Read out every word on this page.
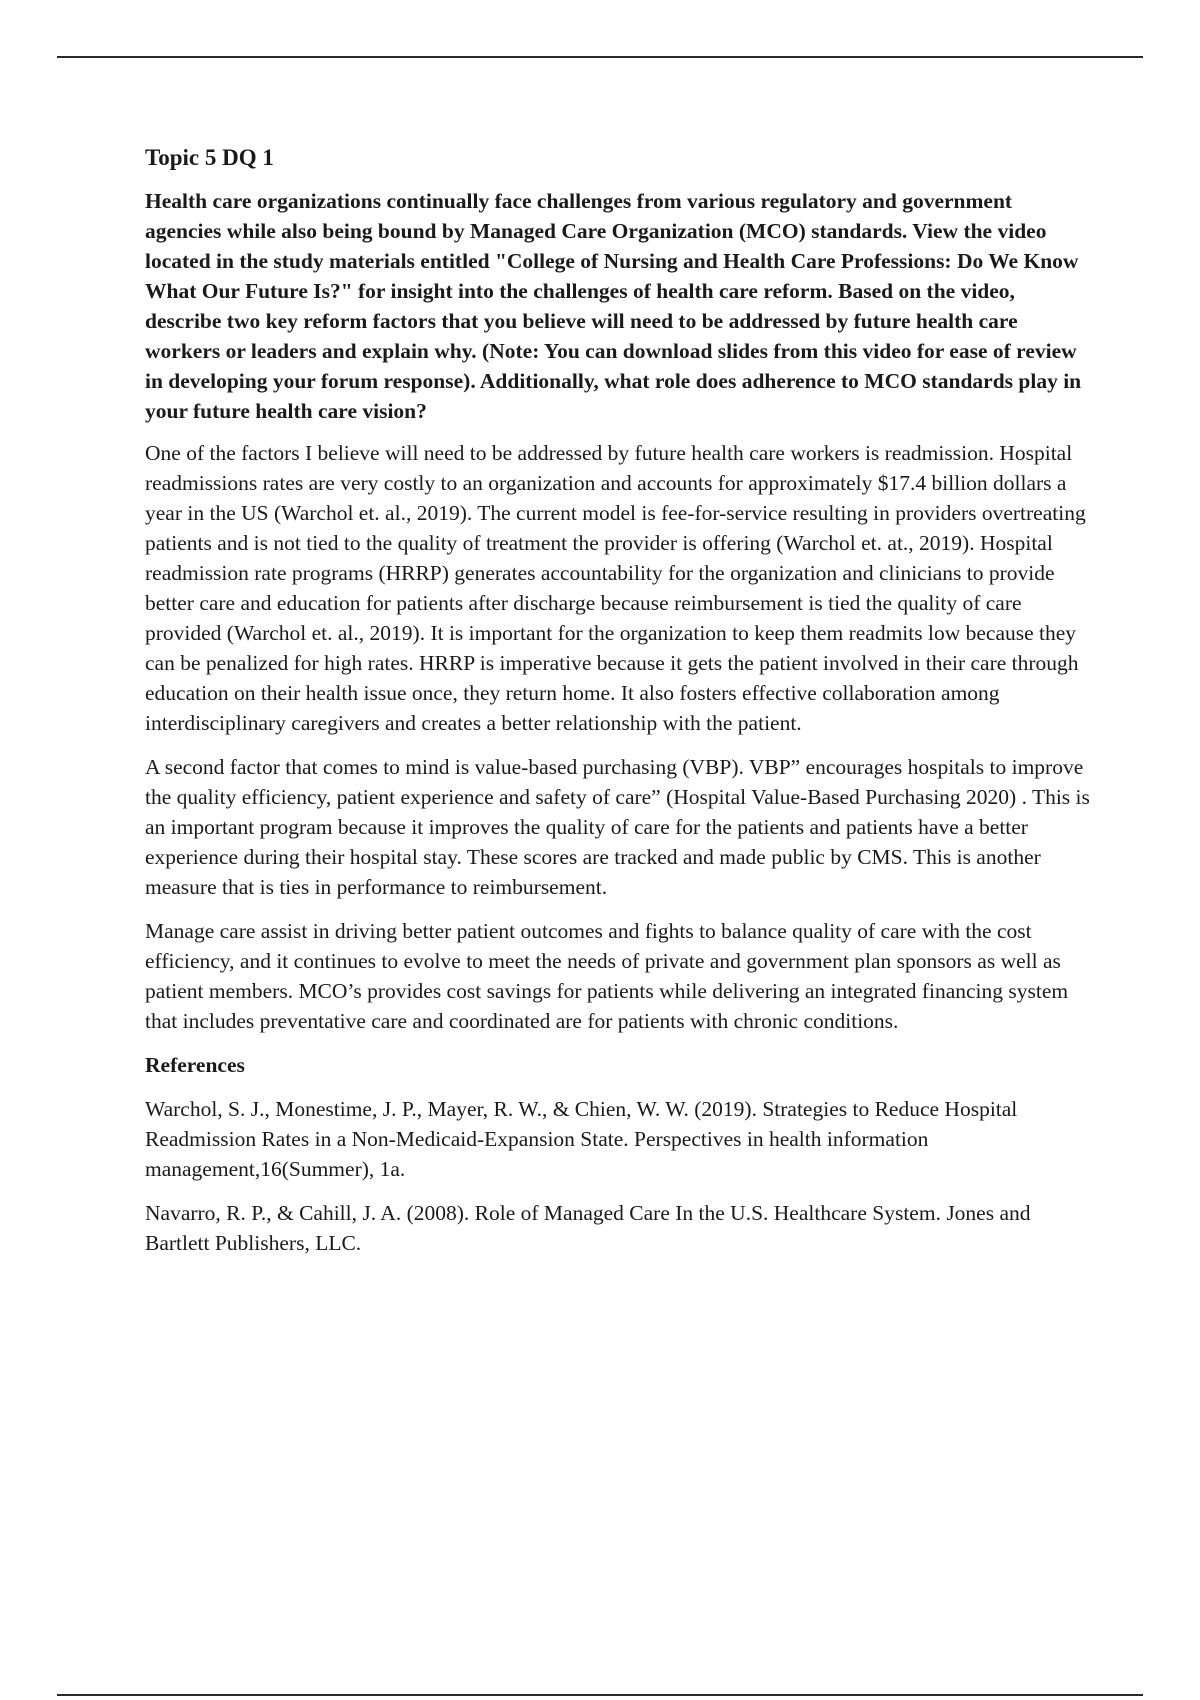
Topic 5 DQ 1
Health care organizations continually face challenges from various regulatory and government agencies while also being bound by Managed Care Organization (MCO) standards. View the video located in the study materials entitled "College of Nursing and Health Care Professions: Do We Know What Our Future Is?" for insight into the challenges of health care reform. Based on the video, describe two key reform factors that you believe will need to be addressed by future health care workers or leaders and explain why. (Note: You can download slides from this video for ease of review in developing your forum response). Additionally, what role does adherence to MCO standards play in your future health care vision?
One of the factors I believe will need to be addressed by future health care workers is readmission. Hospital readmissions rates are very costly to an organization and accounts for approximately $17.4 billion dollars a year in the US (Warchol et. al., 2019). The current model is fee-for-service resulting in providers overtreating patients and is not tied to the quality of treatment the provider is offering (Warchol et. at., 2019). Hospital readmission rate programs (HRRP) generates accountability for the organization and clinicians to provide better care and education for patients after discharge because reimbursement is tied the quality of care provided (Warchol et. al., 2019). It is important for the organization to keep them readmits low because they can be penalized for high rates. HRRP is imperative because it gets the patient involved in their care through education on their health issue once, they return home. It also fosters effective collaboration among interdisciplinary caregivers and creates a better relationship with the patient.
A second factor that comes to mind is value-based purchasing (VBP). VBP” encourages hospitals to improve the quality efficiency, patient experience and safety of care” (Hospital Value-Based Purchasing 2020) . This is an important program because it improves the quality of care for the patients and patients have a better experience during their hospital stay. These scores are tracked and made public by CMS. This is another measure that is ties in performance to reimbursement.
Manage care assist in driving better patient outcomes and fights to balance quality of care with the cost efficiency, and it continues to evolve to meet the needs of private and government plan sponsors as well as patient members. MCO’s provides cost savings for patients while delivering an integrated financing system that includes preventative care and coordinated are for patients with chronic conditions.
References
Warchol, S. J., Monestime, J. P., Mayer, R. W., & Chien, W. W. (2019). Strategies to Reduce Hospital Readmission Rates in a Non-Medicaid-Expansion State. Perspectives in health information management,16(Summer), 1a.
Navarro, R. P., & Cahill, J. A. (2008). Role of Managed Care In the U.S. Healthcare System. Jones and Bartlett Publishers, LLC.
